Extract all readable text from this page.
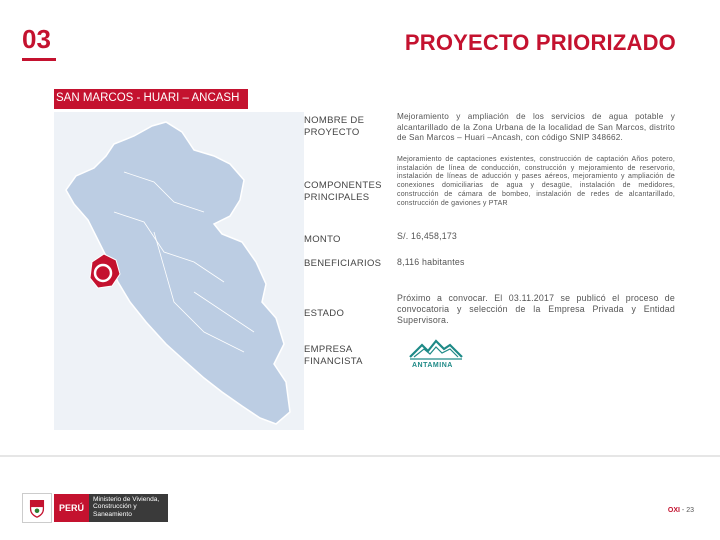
03	PROYECTO PRIORIZADO
SAN MARCOS - HUARI – ANCASH
NOMBRE DE PROYECTO
Mejoramiento y ampliación de los servicios de agua potable y alcantarillado de la Zona Urbana de la localidad de San Marcos, distrito de San Marcos – Huari –Ancash, con código SNIP 348662.
COMPONENTES PRINCIPALES
Mejoramiento de captaciones existentes, construcción de captación Años potero, instalación de línea de conducción, construcción y mejoramiento de reservorio, instalación de líneas de aducción y pases aéreos, mejoramiento y ampliación de conexiones domiciliarias de agua y desagüe, instalación de medidores, construcción de cámara de bombeo, instalación de redes de alcantarillado, construcción de gaviones y PTAR
MONTO	S/. 16,458,173
BENEFICIARIOS 8,116 habitantes
ESTADO
Próximo a convocar. El 03.11.2017 se publicó el proceso de convocatoria y selección de la Empresa Privada y Entidad Supervisora.
EMPRESA FINANCISTA	ANTAMINA
PERÚ
Ministerio de Vivienda, Construcción y Saneamiento
OXI - 23
